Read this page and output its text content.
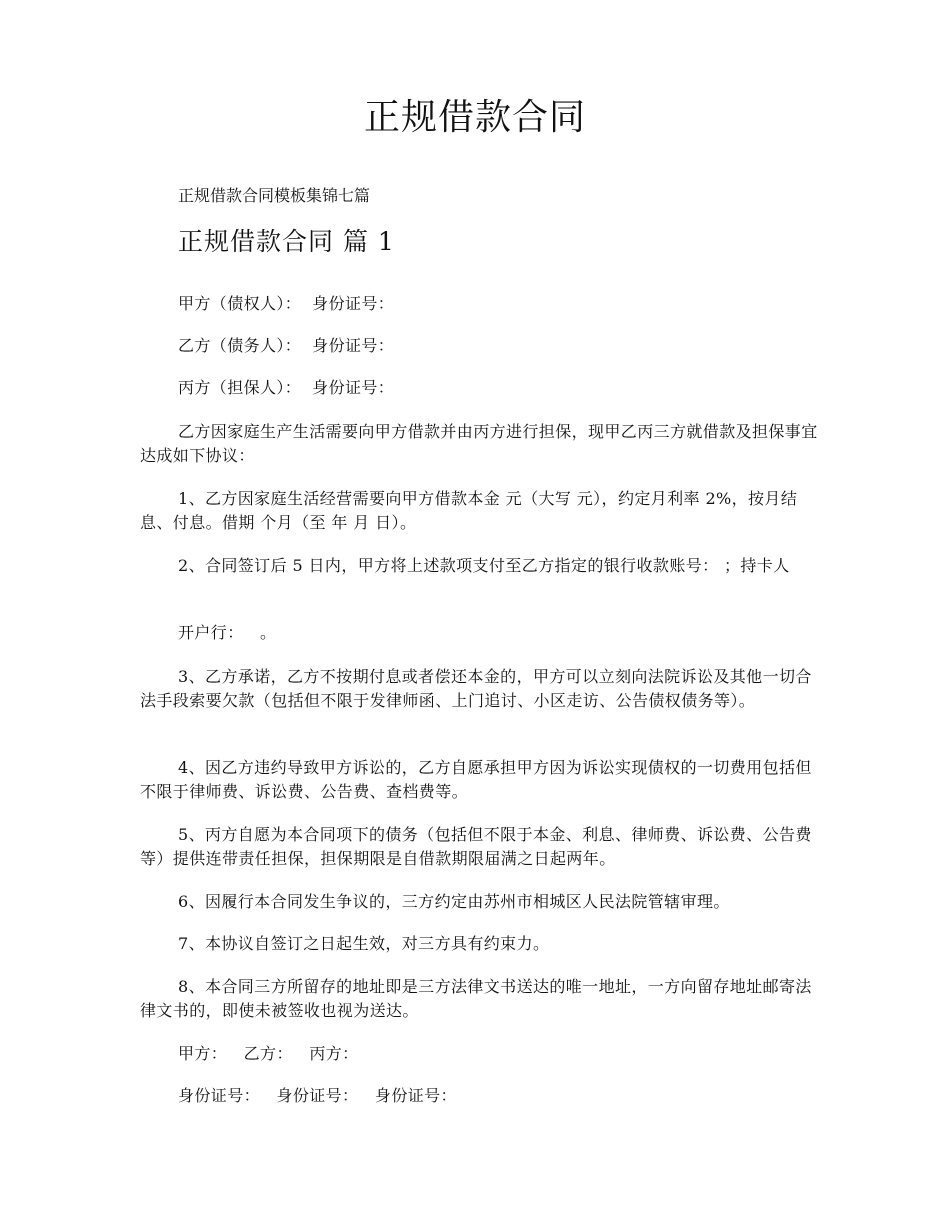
正规借款合同
正规借款合同模板集锦七篇
正规借款合同 篇 1
甲方（债权人）：  身份证号：
乙方（债务人）：  身份证号：
丙方（担保人）：  身份证号：
乙方因家庭生产生活需要向甲方借款并由丙方进行担保，现甲乙丙三方就借款及担保事宜达成如下协议：
1、乙方因家庭生活经营需要向甲方借款本金 元（大写 元），约定月利率 2%，按月结息、付息。借期 个月（至 年 月 日）。
2、合同签订后 5 日内，甲方将上述款项支付至乙方指定的银行收款账号： ；持卡人
开户行：   。
3、乙方承诺，乙方不按期付息或者偿还本金的，甲方可以立刻向法院诉讼及其他一切合法手段索要欠款（包括但不限于发律师函、上门追讨、小区走访、公告债权债务等）。
4、因乙方违约导致甲方诉讼的，乙方自愿承担甲方因为诉讼实现债权的一切费用包括但不限于律师费、诉讼费、公告费、查档费等。
5、丙方自愿为本合同项下的债务（包括但不限于本金、利息、律师费、诉讼费、公告费等）提供连带责任担保，担保期限是自借款期限届满之日起两年。
6、因履行本合同发生争议的，三方约定由苏州市相城区人民法院管辖审理。
7、本协议自签订之日起生效，对三方具有约束力。
8、本合同三方所留存的地址即是三方法律文书送达的唯一地址，一方向留存地址邮寄法律文书的，即使未被签收也视为送达。
甲方：   乙方：   丙方：
身份证号：   身份证号：   身份证号：
